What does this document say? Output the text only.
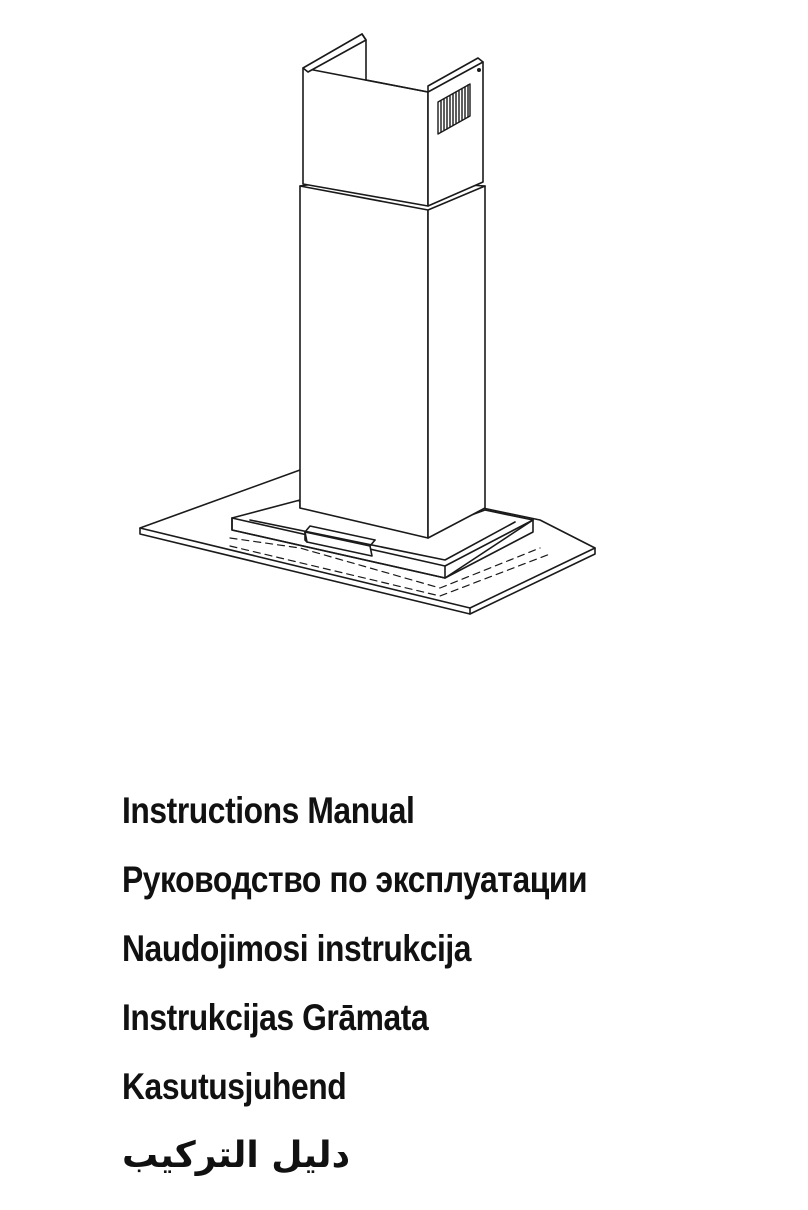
Instructions Manual
Руководство по эксплуатации
Naudojimosi instrukcija
Instrukcijas Grāmata
Kasutusjuhend
دليل التركيب
